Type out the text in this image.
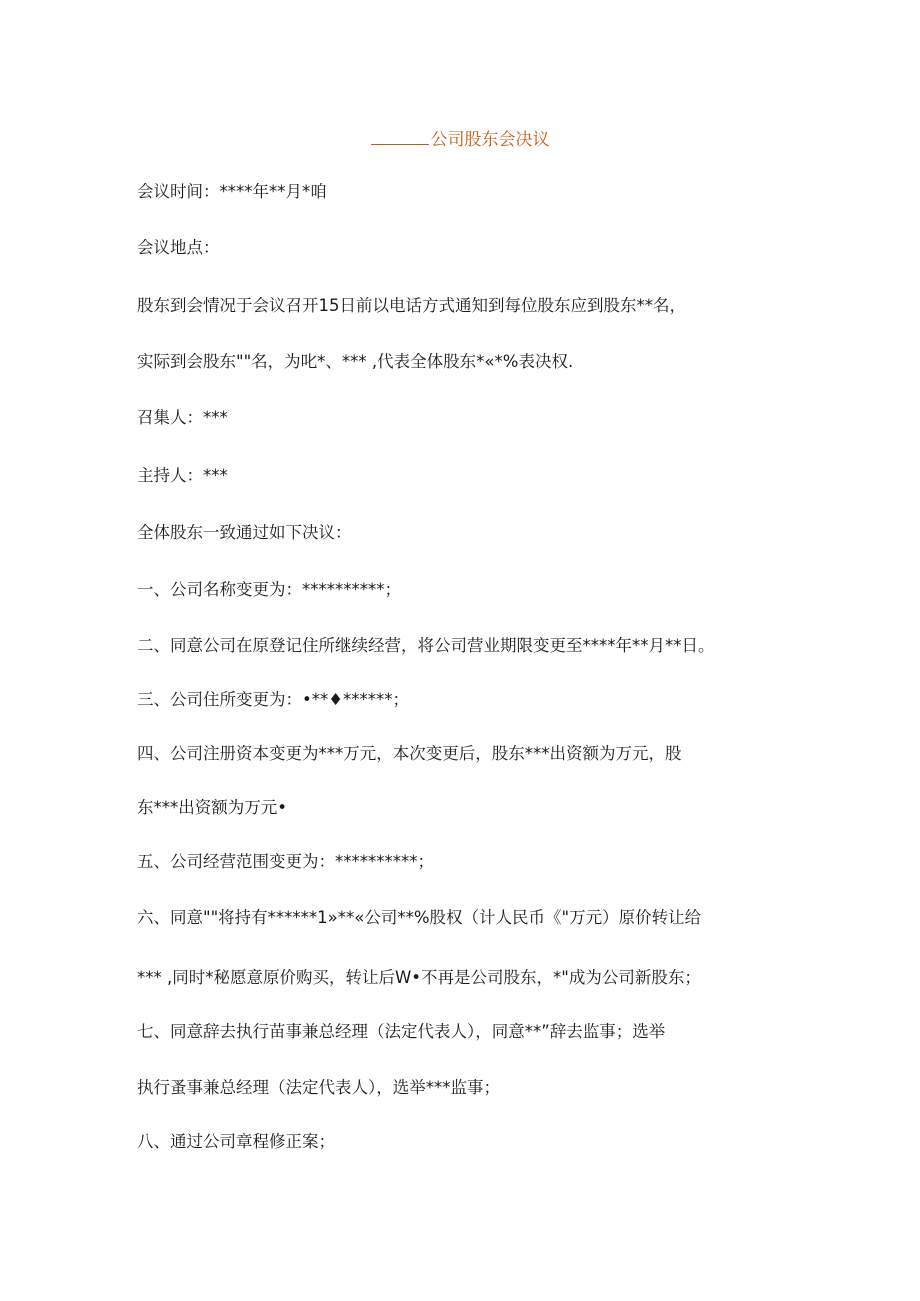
公司股东会决议
会议时间：****年**月*咱
会议地点：
股东到会情况于会议召开15日前以电话方式通知到每位股东应到股东**名，
实际到会股东""名，为叱*、*** ,代表全体股东*«*%表决权.
召集人：***
主持人：***
全体股东一致通过如下决议：
一、公司名称变更为：**********；
二、同意公司在原登记住所继续经营，将公司营业期限变更至****年**月**日。
三、公司住所变更为：•**♦******；
四、公司注册资本变更为***万元，本次变更后，股东***出资额为万元，股
东***出资额为万元•
五、公司经营范围变更为：**********；
六、同意""将持有******1»**«公司**%股权（计人民币《"万元）原价转让给
*** ,同时*秘愿意原价购买，转让后W•不再是公司股东，*"成为公司新股东；
七、同意辞去执行苗事兼总经理（法定代表人），同意**”辞去监事；选举
执行蚤事兼总经理（法定代表人），选举***监事；
八、通过公司章程修正案；
